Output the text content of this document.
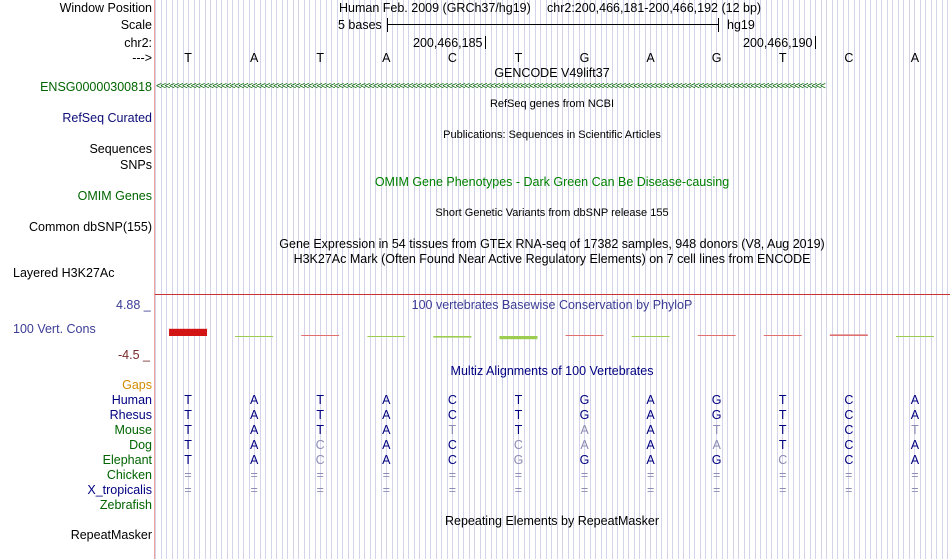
Window Position	Human Feb. 2009 (GRCh37/hg19) chr2:200,466,181-200,466,192 (12 bp)
Scale	5 bases	hg19
chr2:	200,466,185	200,466,190
--->
GENCODE V49lift37
ENSG00000300818 <<<<<<<<<<<<<<<<<<<<<<<<<<<<<<<<<<<<<<<<<<<<<<<<<<<<<<<<<<<<<<<<<<<<<<<<<<<<<<<<<<<<<<<<<<<<<<<<<<<<<<<<<<<<<<<<<<<<<<<<<<<<<<<<<<<<<<<<<<<<<<<<<<<<<<<<<<
RefSeq genes from NCBI
RefSeq Curated
Publications: Sequences in Scientific Articles
Sequences
SNPs
OMIM Gene Phenotypes - Dark Green Can Be Disease-causing
OMIM Genes
Short Genetic Variants from dbSNP release 155
Common dbSNP(155)
Gene Expression in 54 tissues from GTEx RNA-seq of 17382 samples, 948 donors (V8, Aug 2019)
H3K27Ac Mark (Often Found Near Active Regulatory Elements) on 7 cell lines from ENCODE
Layered H3K27Ac
100 vertebrates Basewise Conservation by PhyloP
4.88 _
100 Vert. Cons
-4.5 _
Multiz Alignments of 100 Vertebrates
Gaps
Repeating Elements by RepeatMasker
RepeatMasker
T	A	T	A	C	T	G	A	G	T	C	A
Human	T	A	T	A	C	T	G	A	G	T	C	A
Rhesus	T	A	T	A	C	T	G	A	G	T	C	A
Mouse	T	A	T	A	T	T	A	A	T	T	C	T
Dog	T	A	C	A	C	C	A	A	A	T	C	A
Elephant	T	A	C	A	C	G	G	A	G	C	C	A
Chicken	=	=	=	=	=	=	=	=	=	=	=	=
X_tropicalis	=	=	=	=	=	=	=	=	=	=	=	=
Zebrafish
